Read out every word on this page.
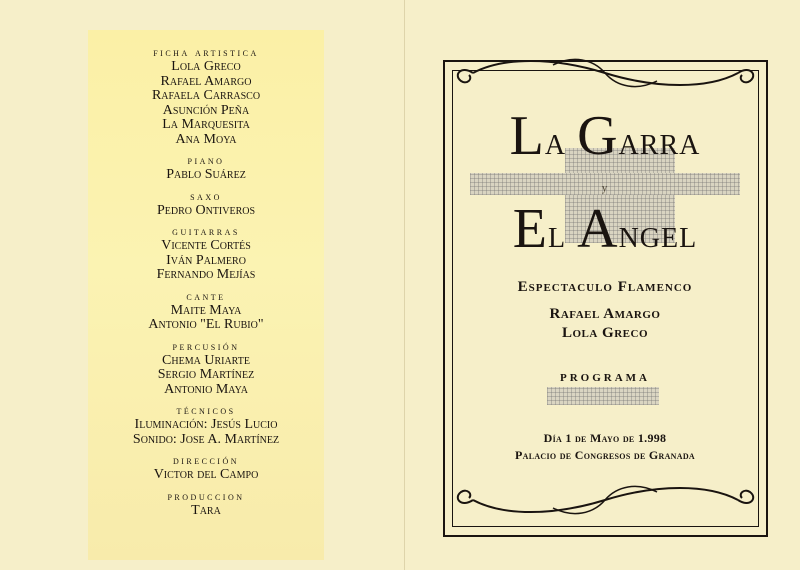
ficha artistica
Lola Greco
Rafael Amargo
Rafaela Carrasco
Asunción Peña
La Marquesita
Ana Moya
piano
Pablo Suárez
saxo
Pedro Ontiveros
guitarras
Vicente Cortés
Iván Palmero
Fernando Mejías
cante
Maite Maya
Antonio "El Rubio"
percusión
Chema Uriarte
Sergio Martínez
Antonio Maya
técnicos
Iluminación: Jesús Lucio
Sonido: Jose A. Martínez
dirección
Victor del Campo
produccion
Tara
La Garra
y
El Angel
Espectaculo Flamenco
Rafael Amargo
Lola Greco
PROGRAMA
Día 1 de Mayo de 1.998
Palacio de Congresos de Granada
